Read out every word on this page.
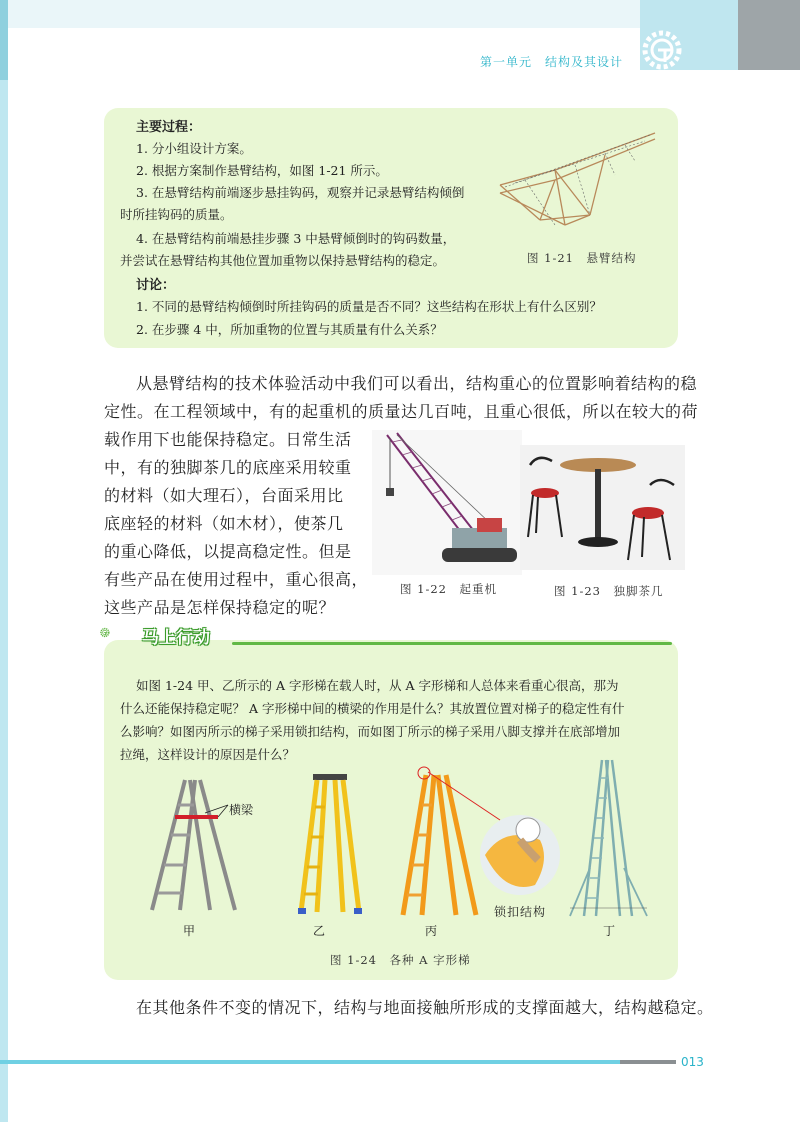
第一单元　结构及其设计

主要过程：

1. 分小组设计方案。

2. 根据方案制作悬臂结构，如图 1-21 所示。

3. 在悬臂结构前端逐步悬挂钩码，观察并记录悬臂结构倾倒

时所挂钩码的质量。

4. 在悬臂结构前端悬挂步骤 3 中悬臂倾倒时的钩码数量，

并尝试在悬臂结构其他位置加重物以保持悬臂结构的稳定。	图 1-21　悬臂结构

讨论：

1. 不同的悬臂结构倾倒时所挂钩码的质量是否不同？这些结构在形状上有什么区别？

2. 在步骤 4 中，所加重物的位置与其质量有什么关系？

从悬臂结构的技术体验活动中我们可以看出，结构重心的位置影响着结构的稳
定性。在工程领域中，有的起重机的质量达几百吨，且重心很低，所以在较大的荷
载作用下也能保持稳定。日常生活
中，有的独脚茶几的底座采用较重
的材料（如大理石），台面采用比
底座轻的材料（如木材），使茶几
的重心降低，以提高稳定性。但是
有些产品在使用过程中，重心很高，
这些产品是怎样保持稳定的呢？
图 1-22　起重机	图 1-23　独脚茶几
马上行动

如图 1-24 甲、乙所示的 A 字形梯在载人时，从 A 字形梯和人总体来看重心很高，那为

什么还能保持稳定呢？ A 字形梯中间的横梁的作用是什么？其放置位置对梯子的稳定性有什

么影响？如图丙所示的梯子采用锁扣结构，而如图丁所示的梯子采用八脚支撑并在底部增加

拉绳，这样设计的原因是什么？

横梁
锁扣结构
甲	乙	丙	丁
图 1-24　各种 A 字形梯
在其他条件不变的情况下，结构与地面接触所形成的支撑面越大，结构越稳定。
013
